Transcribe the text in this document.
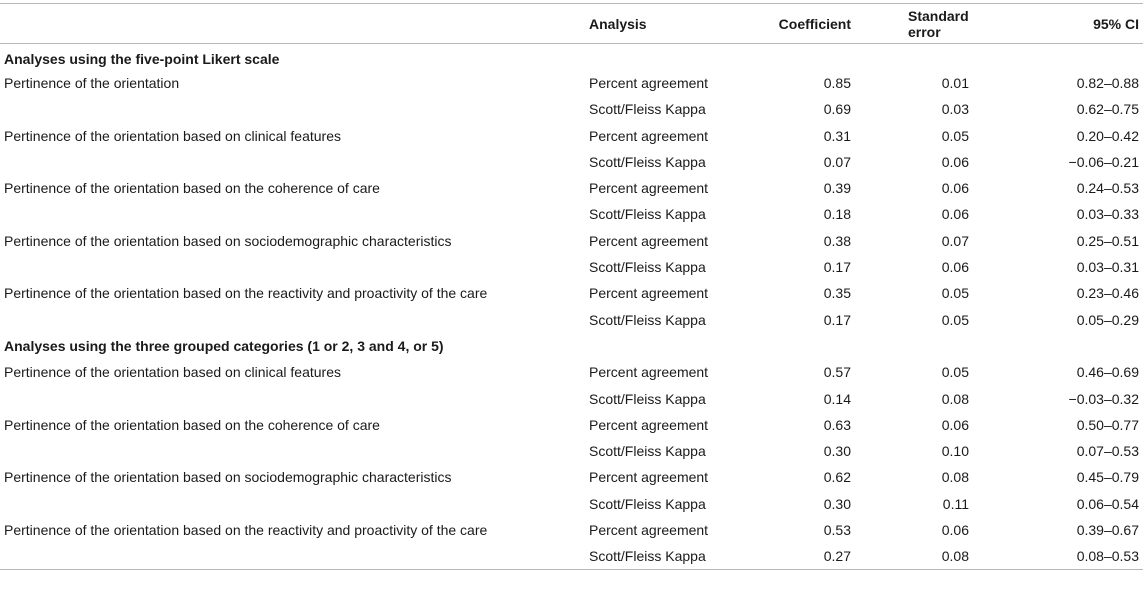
	Analysis	Coefficient	Standard error	95% CI
Analyses using the five-point Likert scale				
Pertinence of the orientation	Percent agreement	0.85	0.01	0.82–0.88
	Scott/Fleiss Kappa	0.69	0.03	0.62–0.75
Pertinence of the orientation based on clinical features	Percent agreement	0.31	0.05	0.20–0.42
	Scott/Fleiss Kappa	0.07	0.06	−0.06–0.21
Pertinence of the orientation based on the coherence of care	Percent agreement	0.39	0.06	0.24–0.53
	Scott/Fleiss Kappa	0.18	0.06	0.03–0.33
Pertinence of the orientation based on sociodemographic characteristics	Percent agreement	0.38	0.07	0.25–0.51
	Scott/Fleiss Kappa	0.17	0.06	0.03–0.31
Pertinence of the orientation based on the reactivity and proactivity of the care	Percent agreement	0.35	0.05	0.23–0.46
	Scott/Fleiss Kappa	0.17	0.05	0.05–0.29
Analyses using the three grouped categories (1 or 2, 3 and 4, or 5)				
Pertinence of the orientation based on clinical features	Percent agreement	0.57	0.05	0.46–0.69
	Scott/Fleiss Kappa	0.14	0.08	−0.03–0.32
Pertinence of the orientation based on the coherence of care	Percent agreement	0.63	0.06	0.50–0.77
	Scott/Fleiss Kappa	0.30	0.10	0.07–0.53
Pertinence of the orientation based on sociodemographic characteristics	Percent agreement	0.62	0.08	0.45–0.79
	Scott/Fleiss Kappa	0.30	0.11	0.06–0.54
Pertinence of the orientation based on the reactivity and proactivity of the care	Percent agreement	0.53	0.06	0.39–0.67
	Scott/Fleiss Kappa	0.27	0.08	0.08–0.53
